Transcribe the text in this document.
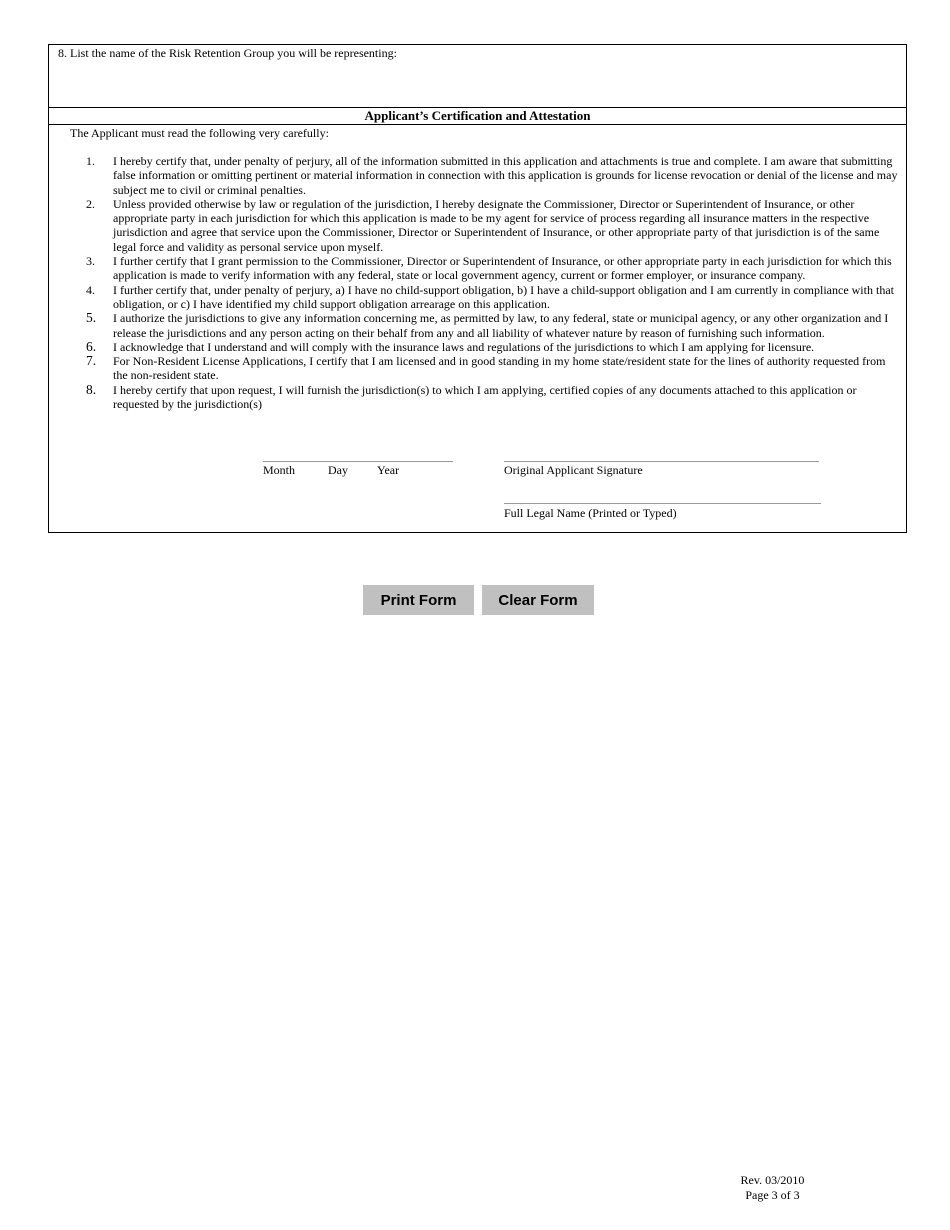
8. List the name of the Risk Retention Group you will be representing:
Applicant’s Certification and Attestation
The Applicant must read the following very carefully:
1. I hereby certify that, under penalty of perjury, all of the information submitted in this application and attachments is true and complete. I am aware that submitting false information or omitting pertinent or material information in connection with this application is grounds for license revocation or denial of the license and may subject me to civil or criminal penalties.
2. Unless provided otherwise by law or regulation of the jurisdiction, I hereby designate the Commissioner, Director or Superintendent of Insurance, or other appropriate party in each jurisdiction for which this application is made to be my agent for service of process regarding all insurance matters in the respective jurisdiction and agree that service upon the Commissioner, Director or Superintendent of Insurance, or other appropriate party of that jurisdiction is of the same legal force and validity as personal service upon myself.
3. I further certify that I grant permission to the Commissioner, Director or Superintendent of Insurance, or other appropriate party in each jurisdiction for which this application is made to verify information with any federal, state or local government agency, current or former employer, or insurance company.
4. I further certify that, under penalty of perjury, a) I have no child-support obligation, b) I have a child-support obligation and I am currently in compliance with that obligation, or c) I have identified my child support obligation arrearage on this application.
5. I authorize the jurisdictions to give any information concerning me, as permitted by law, to any federal, state or municipal agency, or any other organization and I release the jurisdictions and any person acting on their behalf from any and all liability of whatever nature by reason of furnishing such information.
6. I acknowledge that I understand and will comply with the insurance laws and regulations of the jurisdictions to which I am applying for licensure.
7. For Non-Resident License Applications, I certify that I am licensed and in good standing in my home state/resident state for the lines of authority requested from the non-resident state.
8. I hereby certify that upon request, I will furnish the jurisdiction(s) to which I am applying, certified copies of any documents attached to this application or requested by the jurisdiction(s)
Month	Day Year	Original Applicant Signature
Full Legal Name (Printed or Typed)
Print Form	Clear Form
Rev. 03/2010
Page 3 of 3
